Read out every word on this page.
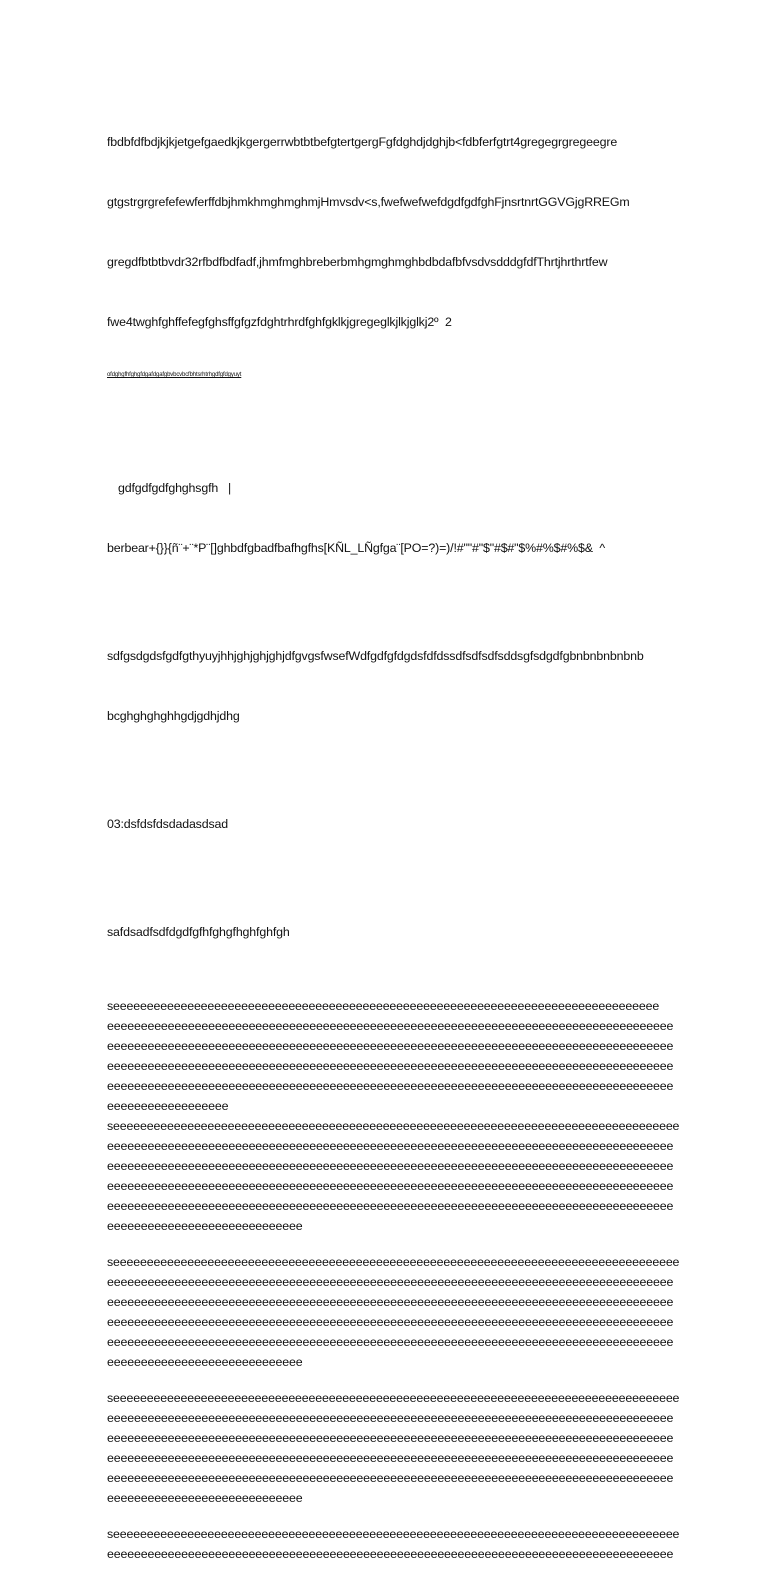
fbdbfdfbdjkjkjetgefgaedkjkgergerrwbtbtbefgtertgergFgfdghdjdghjb<fdbferfgtrt4gregegrgregeegre

gtgstrgrgrefefewferffdbjhmkhmghmghmjHmvsdv<s,fwefwefwefdgdfgdfghFjnsrtnrtGGVGjgRREGm

gregdfbtbtbvdr32rfbdfbdfadf,jhmfmghbreberbmhgmghmghbdbdafbfvsdvsdddgfdfThrtjhrthrtfew

fwe4twghfghffefegfghsffgfgzfdghtrhrdfghfgklkjgregeglkjlkjglkj2º  2

ofdghgfhfghgfdgafdgafgbvbcvbcfbhtsrhtrhgdfgfdgyuyt

gdfgdfgdfghghsgfh   |

berbear+{}}{ñ¨+¨*P¨[]ghbdfgbadfbafhgfhs[KÑL_LÑgfga¨[PO=?)=)/!#""#"$"#$#"$%#%$#%$&  ^

sdfgsdgdsfgdfgthyuyjhhjghjghjghjdfgvgsfwsefWdfgdfgfdgdsfdfdssdfsdfsdfsddsgfsdgdfgbnbnbnbnbnb

bcghghghghhgdjgdhjdhg

03:dsfdsfdsdadasdsad

safdsadfsdfdgdfgfhfghgfhghfghfgh

seeeeeeeeeeeeeeeeeeeeeeeeeeeeeeeeeeeeeeeeeeeeeeeeeeeeeeeeeeeeeeeeeeeeeeeeeeeeeeeee
eeeeeeeeeeeeeeeeeeeeeeeeeeeeeeeeeeeeeeeeeeeeeeeeeeeeeeeeeeeeeeeeeeeeeeeeeeeeeeeeeeee
eeeeeeeeeeeeeeeeeeeeeeeeeeeeeeeeeeeeeeeeeeeeeeeeeeeeeeeeeeeeeeeeeeeeeeeeeeeeeeeeeeee
eeeeeeeeeeeeeeeeeeeeeeeeeeeeeeeeeeeeeeeeeeeeeeeeeeeeeeeeeeeeeeeeeeeeeeeeeeeeeeeeeeee
eeeeeeeeeeeeeeeeeeeeeeeeeeeeeeeeeeeeeeeeeeeeeeeeeeeeeeeeeeeeeeeeeeeeeeeeeeeeeeeeeeee
eeeeeeeeeeeeeeeeee
seeeeeeeeeeeeeeeeeeeeeeeeeeeeeeeeeeeeeeeeeeeeeeeeeeeeeeeeeeeeeeeeeeeeeeeeeeeeeeeeeeee
eeeeeeeeeeeeeeeeeeeeeeeeeeeeeeeeeeeeeeeeeeeeeeeeeeeeeeeeeeeeeeeeeeeeeeeeeeeeeeeeeeee
eeeeeeeeeeeeeeeeeeeeeeeeeeeeeeeeeeeeeeeeeeeeeeeeeeeeeeeeeeeeeeeeeeeeeeeeeeeeeeeeeeee
eeeeeeeeeeeeeeeeeeeeeeeeeeeeeeeeeeeeeeeeeeeeeeeeeeeeeeeeeeeeeeeeeeeeeeeeeeeeeeeeeeee
eeeeeeeeeeeeeeeeeeeeeeeeeeeeeeeeeeeeeeeeeeeeeeeeeeeeeeeeeeeeeeeeeeeeeeeeeeeeeeeeeeee
eeeeeeeeeeeeeeeeeeeeeeeeeeeee
seeeeeeeeeeeeeeeeeeeeeeeeeeeeeeeeeeeeeeeeeeeeeeeeeeeeeeeeeeeeeeeeeeeeeeeeeeeeeeeeeeee
eeeeeeeeeeeeeeeeeeeeeeeeeeeeeeeeeeeeeeeeeeeeeeeeeeeeeeeeeeeeeeeeeeeeeeeeeeeeeeeeeeee
eeeeeeeeeeeeeeeeeeeeeeeeeeeeeeeeeeeeeeeeeeeeeeeeeeeeeeeeeeeeeeeeeeeeeeeeeeeeeeeeeeee
eeeeeeeeeeeeeeeeeeeeeeeeeeeeeeeeeeeeeeeeeeeeeeeeeeeeeeeeeeeeeeeeeeeeeeeeeeeeeeeeeeee
eeeeeeeeeeeeeeeeeeeeeeeeeeeeeeeeeeeeeeeeeeeeeeeeeeeeeeeeeeeeeeeeeeeeeeeeeeeeeeeeeeee
eeeeeeeeeeeeeeeeeeeeeeeeeeeee
seeeeeeeeeeeeeeeeeeeeeeeeeeeeeeeeeeeeeeeeeeeeeeeeeeeeeeeeeeeeeeeeeeeeeeeeeeeeeeeeeeee
eeeeeeeeeeeeeeeeeeeeeeeeeeeeeeeeeeeeeeeeeeeeeeeeeeeeeeeeeeeeeeeeeeeeeeeeeeeeeeeeeeee
eeeeeeeeeeeeeeeeeeeeeeeeeeeeeeeeeeeeeeeeeeeeeeeeeeeeeeeeeeeeeeeeeeeeeeeeeeeeeeeeeeee
eeeeeeeeeeeeeeeeeeeeeeeeeeeeeeeeeeeeeeeeeeeeeeeeeeeeeeeeeeeeeeeeeeeeeeeeeeeeeeeeeeee
eeeeeeeeeeeeeeeeeeeeeeeeeeeeeeeeeeeeeeeeeeeeeeeeeeeeeeeeeeeeeeeeeeeeeeeeeeeeeeeeeeee
eeeeeeeeeeeeeeeeeeeeeeeeeeeee
seeeeeeeeeeeeeeeeeeeeeeeeeeeeeeeeeeeeeeeeeeeeeeeeeeeeeeeeeeeeeeeeeeeeeeeeeeeeeeeeeeee
eeeeeeeeeeeeeeeeeeeeeeeeeeeeeeeeeeeeeeeeeeeeeeeeeeeeeeeeeeeeeeeeeeeeeeeeeeeeeeeeeeee
